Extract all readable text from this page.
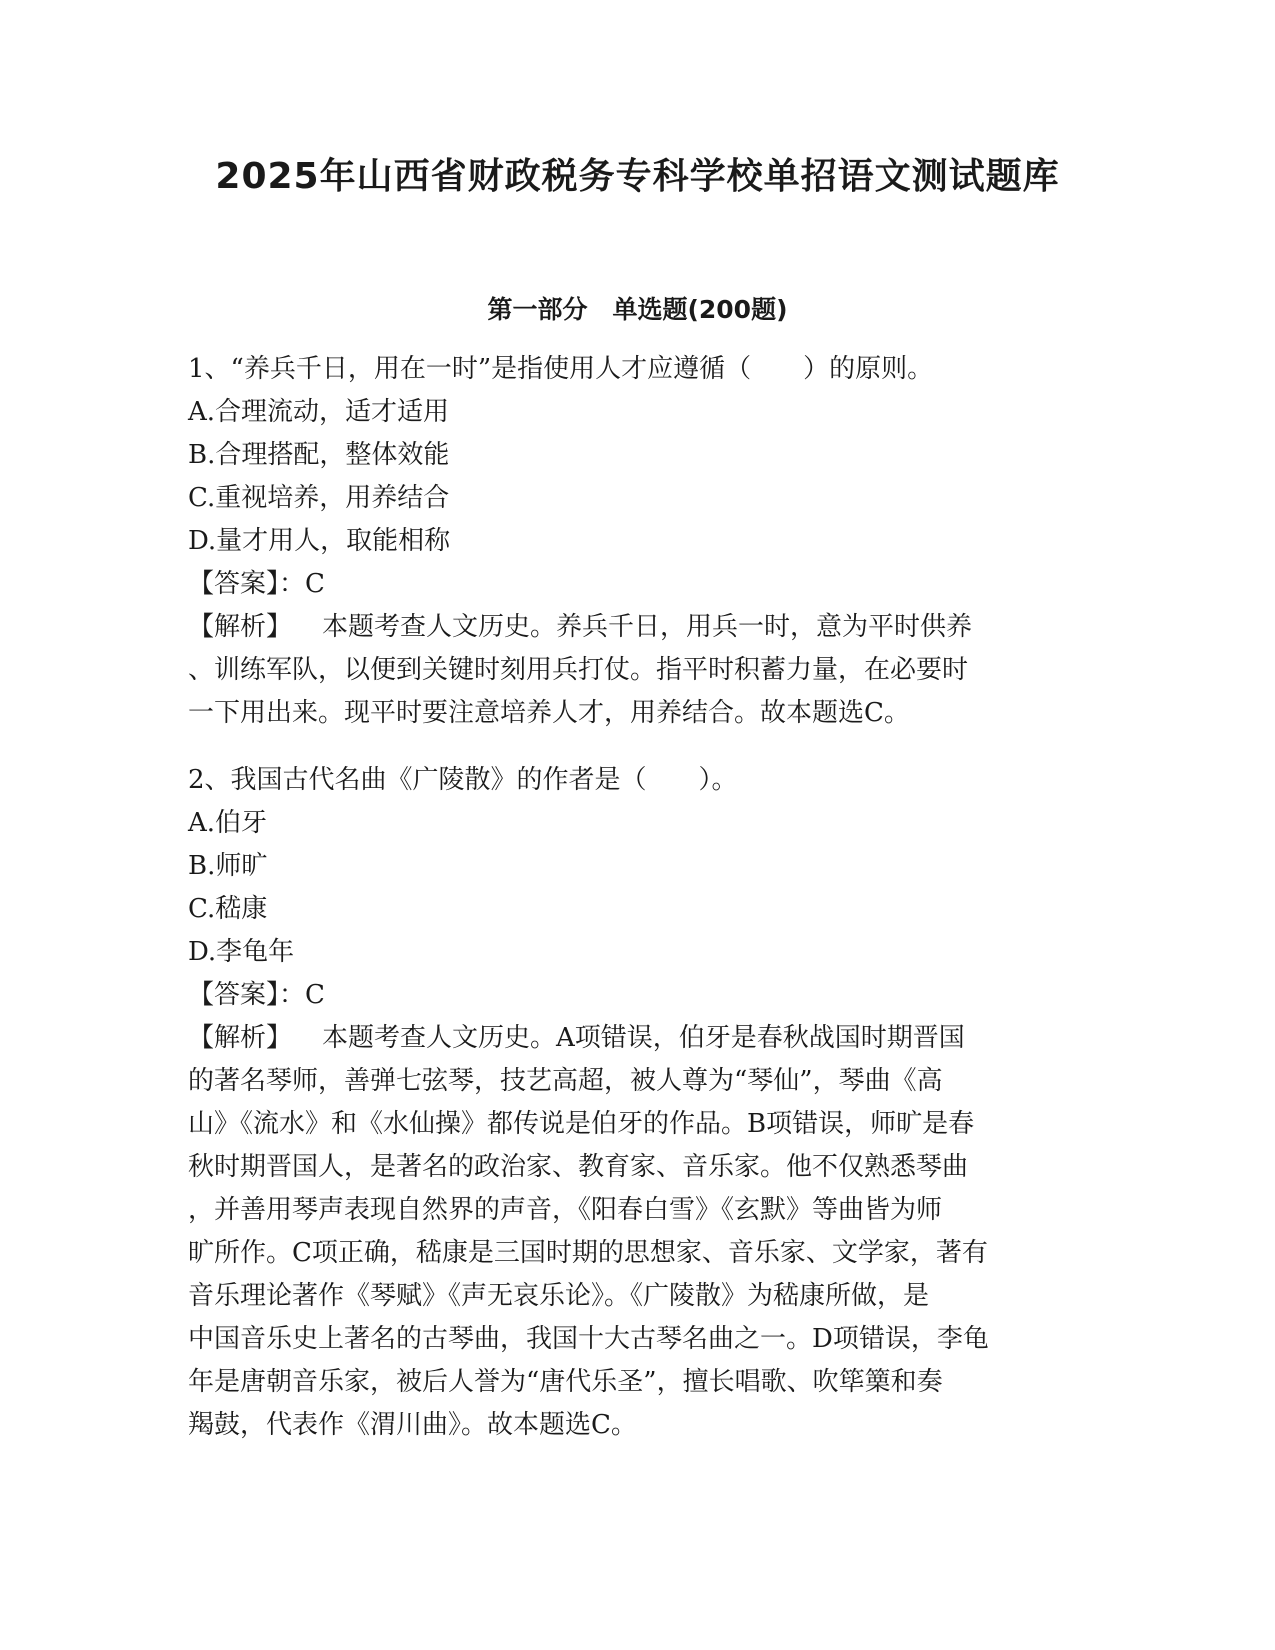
2025年山西省财政税务专科学校单招语文测试题库
第一部分　单选题(200题)

1、“养兵千日，用在一时”是指使用人才应遵循（　　）的原则。

A.合理流动，适才适用

B.合理搭配，整体效能

C.重视培养，用养结合

D.量才用人，取能相称

【答案】：C

【解析】 本题考查人文历史。养兵千日，用兵一时，意为平时供养

、训练军队，以便到关键时刻用兵打仗。指平时积蓄力量，在必要时

一下用出来。现平时要注意培养人才，用养结合。故本题选C。

2、我国古代名曲《广陵散》的作者是（　　）。

A.伯牙

B.师旷

C.嵇康

D.李龟年

【答案】：C

【解析】 本题考查人文历史。A项错误，伯牙是春秋战国时期晋国

的著名琴师，善弹七弦琴，技艺高超，被人尊为“琴仙”，琴曲《高

山》《流水》和《水仙操》都传说是伯牙的作品。B项错误，师旷是春

秋时期晋国人，是著名的政治家、教育家、音乐家。他不仅熟悉琴曲

，并善用琴声表现自然界的声音，《阳春白雪》《玄默》等曲皆为师

旷所作。C项正确，嵇康是三国时期的思想家、音乐家、文学家，著有

音乐理论著作《琴赋》《声无哀乐论》。《广陵散》为嵇康所做，是

中国音乐史上著名的古琴曲，我国十大古琴名曲之一。D项错误，李龟

年是唐朝音乐家，被后人誉为“唐代乐圣”，擅长唱歌、吹筚篥和奏

羯鼓，代表作《渭川曲》。故本题选C。
